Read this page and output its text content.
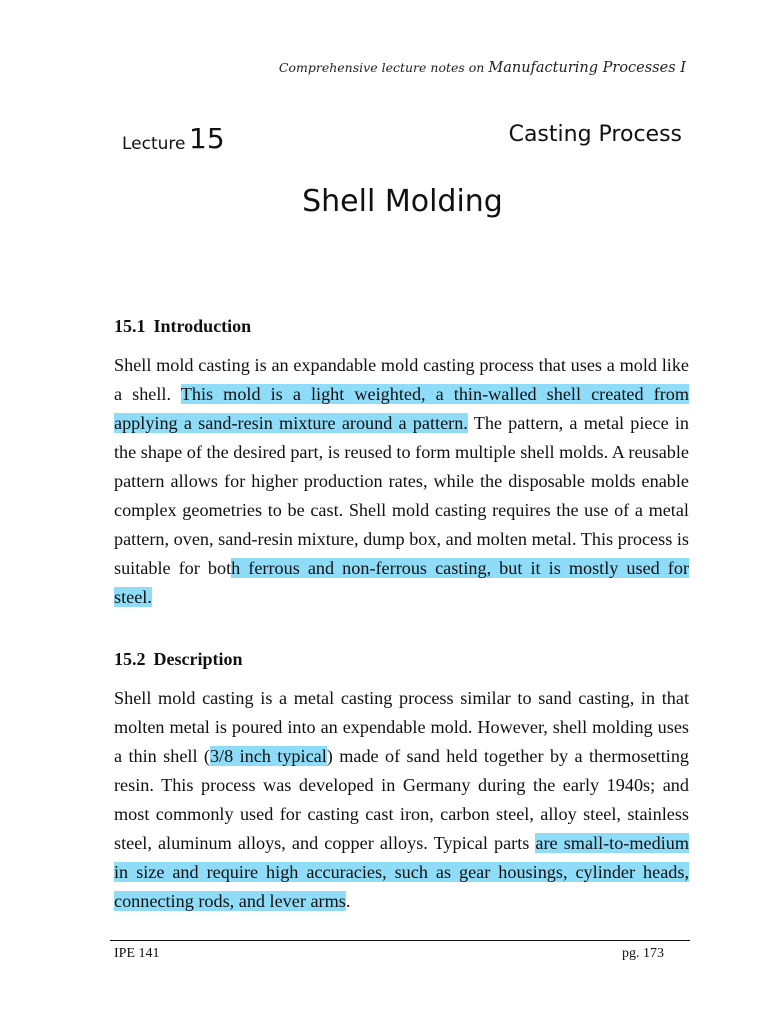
Comprehensive lecture notes on Manufacturing Processes I
Lecture 15	Casting Process
Shell Molding
15.1 Introduction

Shell mold casting is an expandable mold casting process that uses a mold like a shell. This mold is a light weighted, a thin-walled shell created from applying a sand-resin mixture around a pattern. The pattern, a metal piece in the shape of the desired part, is reused to form multiple shell molds. A reusable pattern allows for higher production rates, while the disposable molds enable complex geometries to be cast. Shell mold casting requires the use of a metal pattern, oven, sand-resin mixture, dump box, and molten metal. This process is suitable for both ferrous and non-ferrous casting, but it is mostly used for steel.

15.2 Description

Shell mold casting is a metal casting process similar to sand casting, in that molten metal is poured into an expendable mold. However, shell molding uses a thin shell (3/8 inch typical) made of sand held together by a thermosetting resin. This process was developed in Germany during the early 1940s; and most commonly used for casting cast iron, carbon steel, alloy steel, stainless steel, aluminum alloys, and copper alloys. Typical parts are small-to-medium in size and require high accuracies, such as gear housings, cylinder heads, connecting rods, and lever arms.

IPE 141	pg. 173
